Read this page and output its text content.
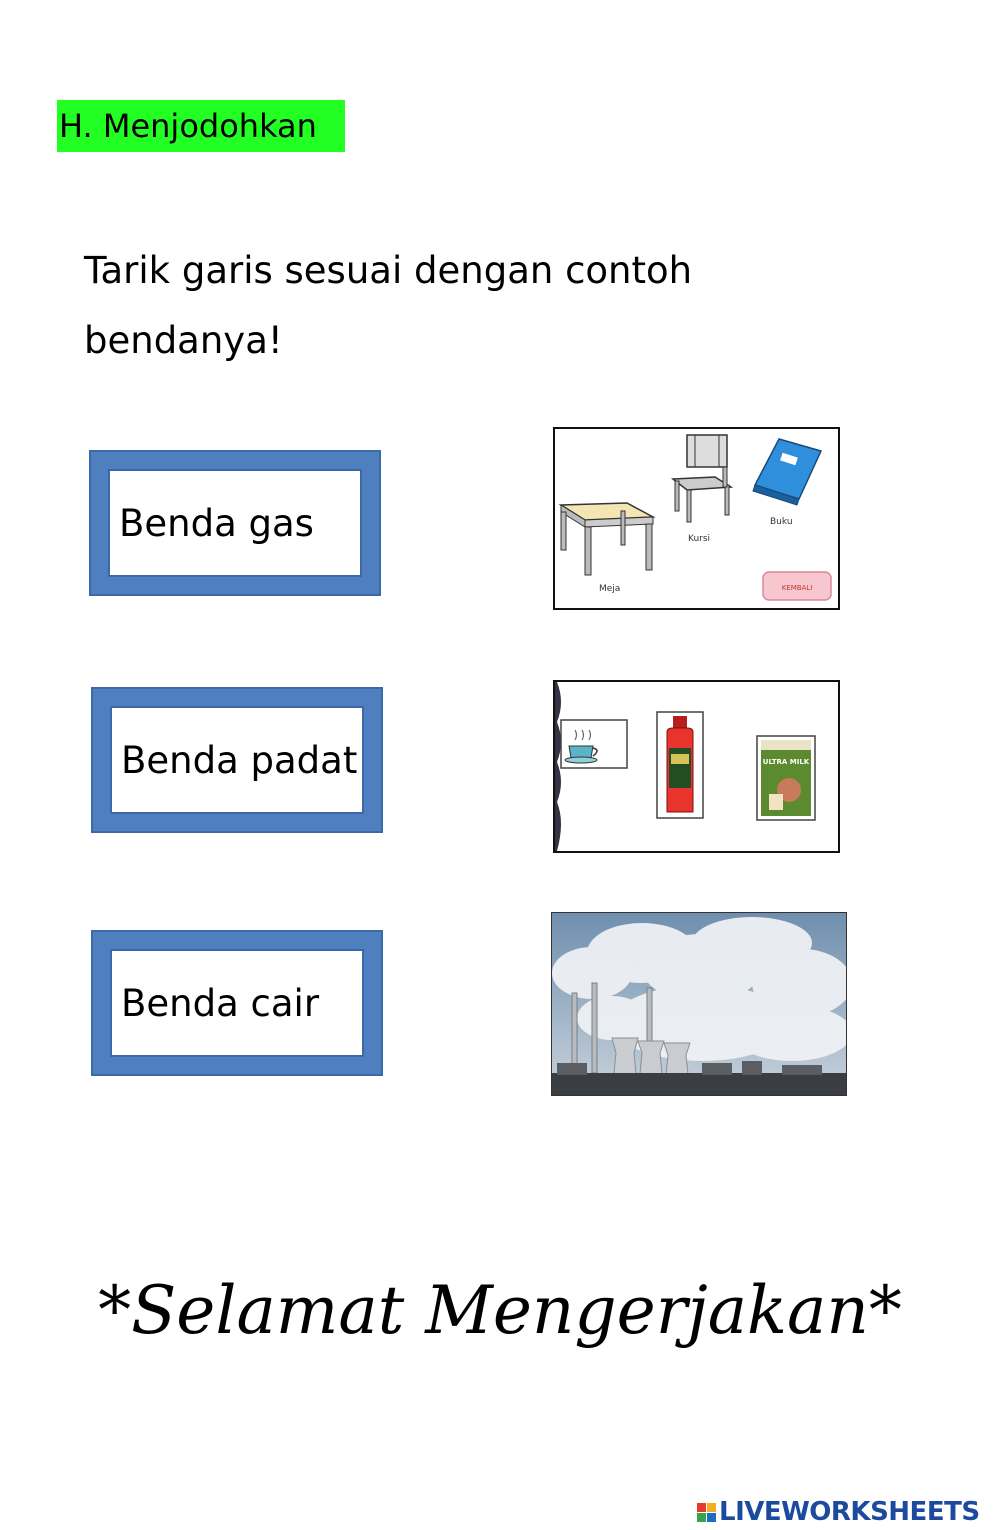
H. Menjodohkan
Tarik garis sesuai dengan contoh bendanya!
Benda gas
Benda padat
Benda cair
Meja
Kursi
Buku
KEMBALI
ULTRA MILK
*Selamat Mengerjakan*
LIVEWORKSHEETS
